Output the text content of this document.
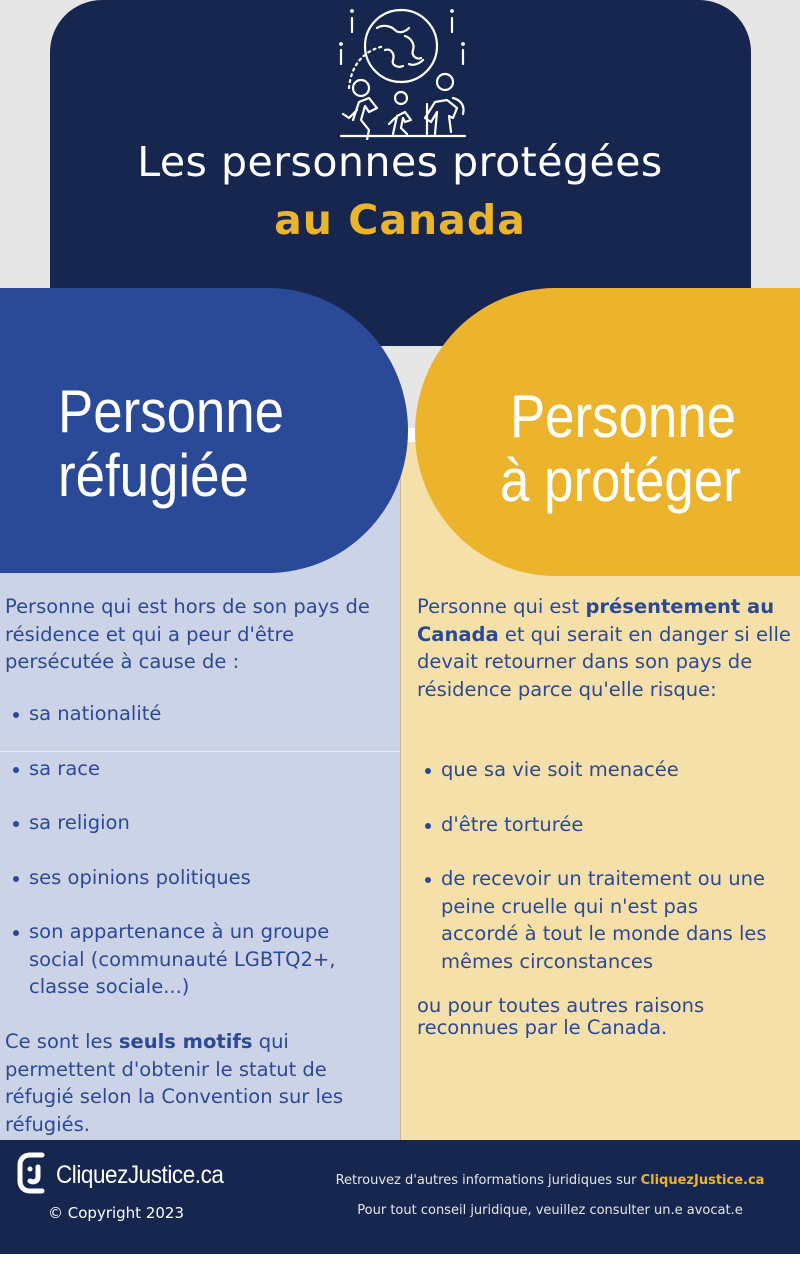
Les personnes protégées
au Canada
Personne
réfugiée
Personne
à protéger
Personne qui est hors de son pays de résidence et qui a peur d'être persécutée à cause de :
sa nationalité
sa race
sa religion
ses opinions politiques
son appartenance à un groupe social (communauté LGBTQ2+, classe sociale...)
Ce sont les seuls motifs qui permettent d'obtenir le statut de réfugié selon la Convention sur les réfugiés.
Personne qui est présentement au Canada et qui serait en danger si elle devait retourner dans son pays de résidence parce qu'elle risque:
que sa vie soit menacée
d'être torturée
de recevoir un traitement ou une peine cruelle qui n'est pas accordé à tout le monde dans les mêmes circonstances
ou pour toutes autres raisons reconnues par le Canada.
CliquezJustice.ca
© Copyright 2023
Retrouvez d'autres informations juridiques sur CliquezJustice.ca
Pour tout conseil juridique, veuillez consulter un.e avocat.e
